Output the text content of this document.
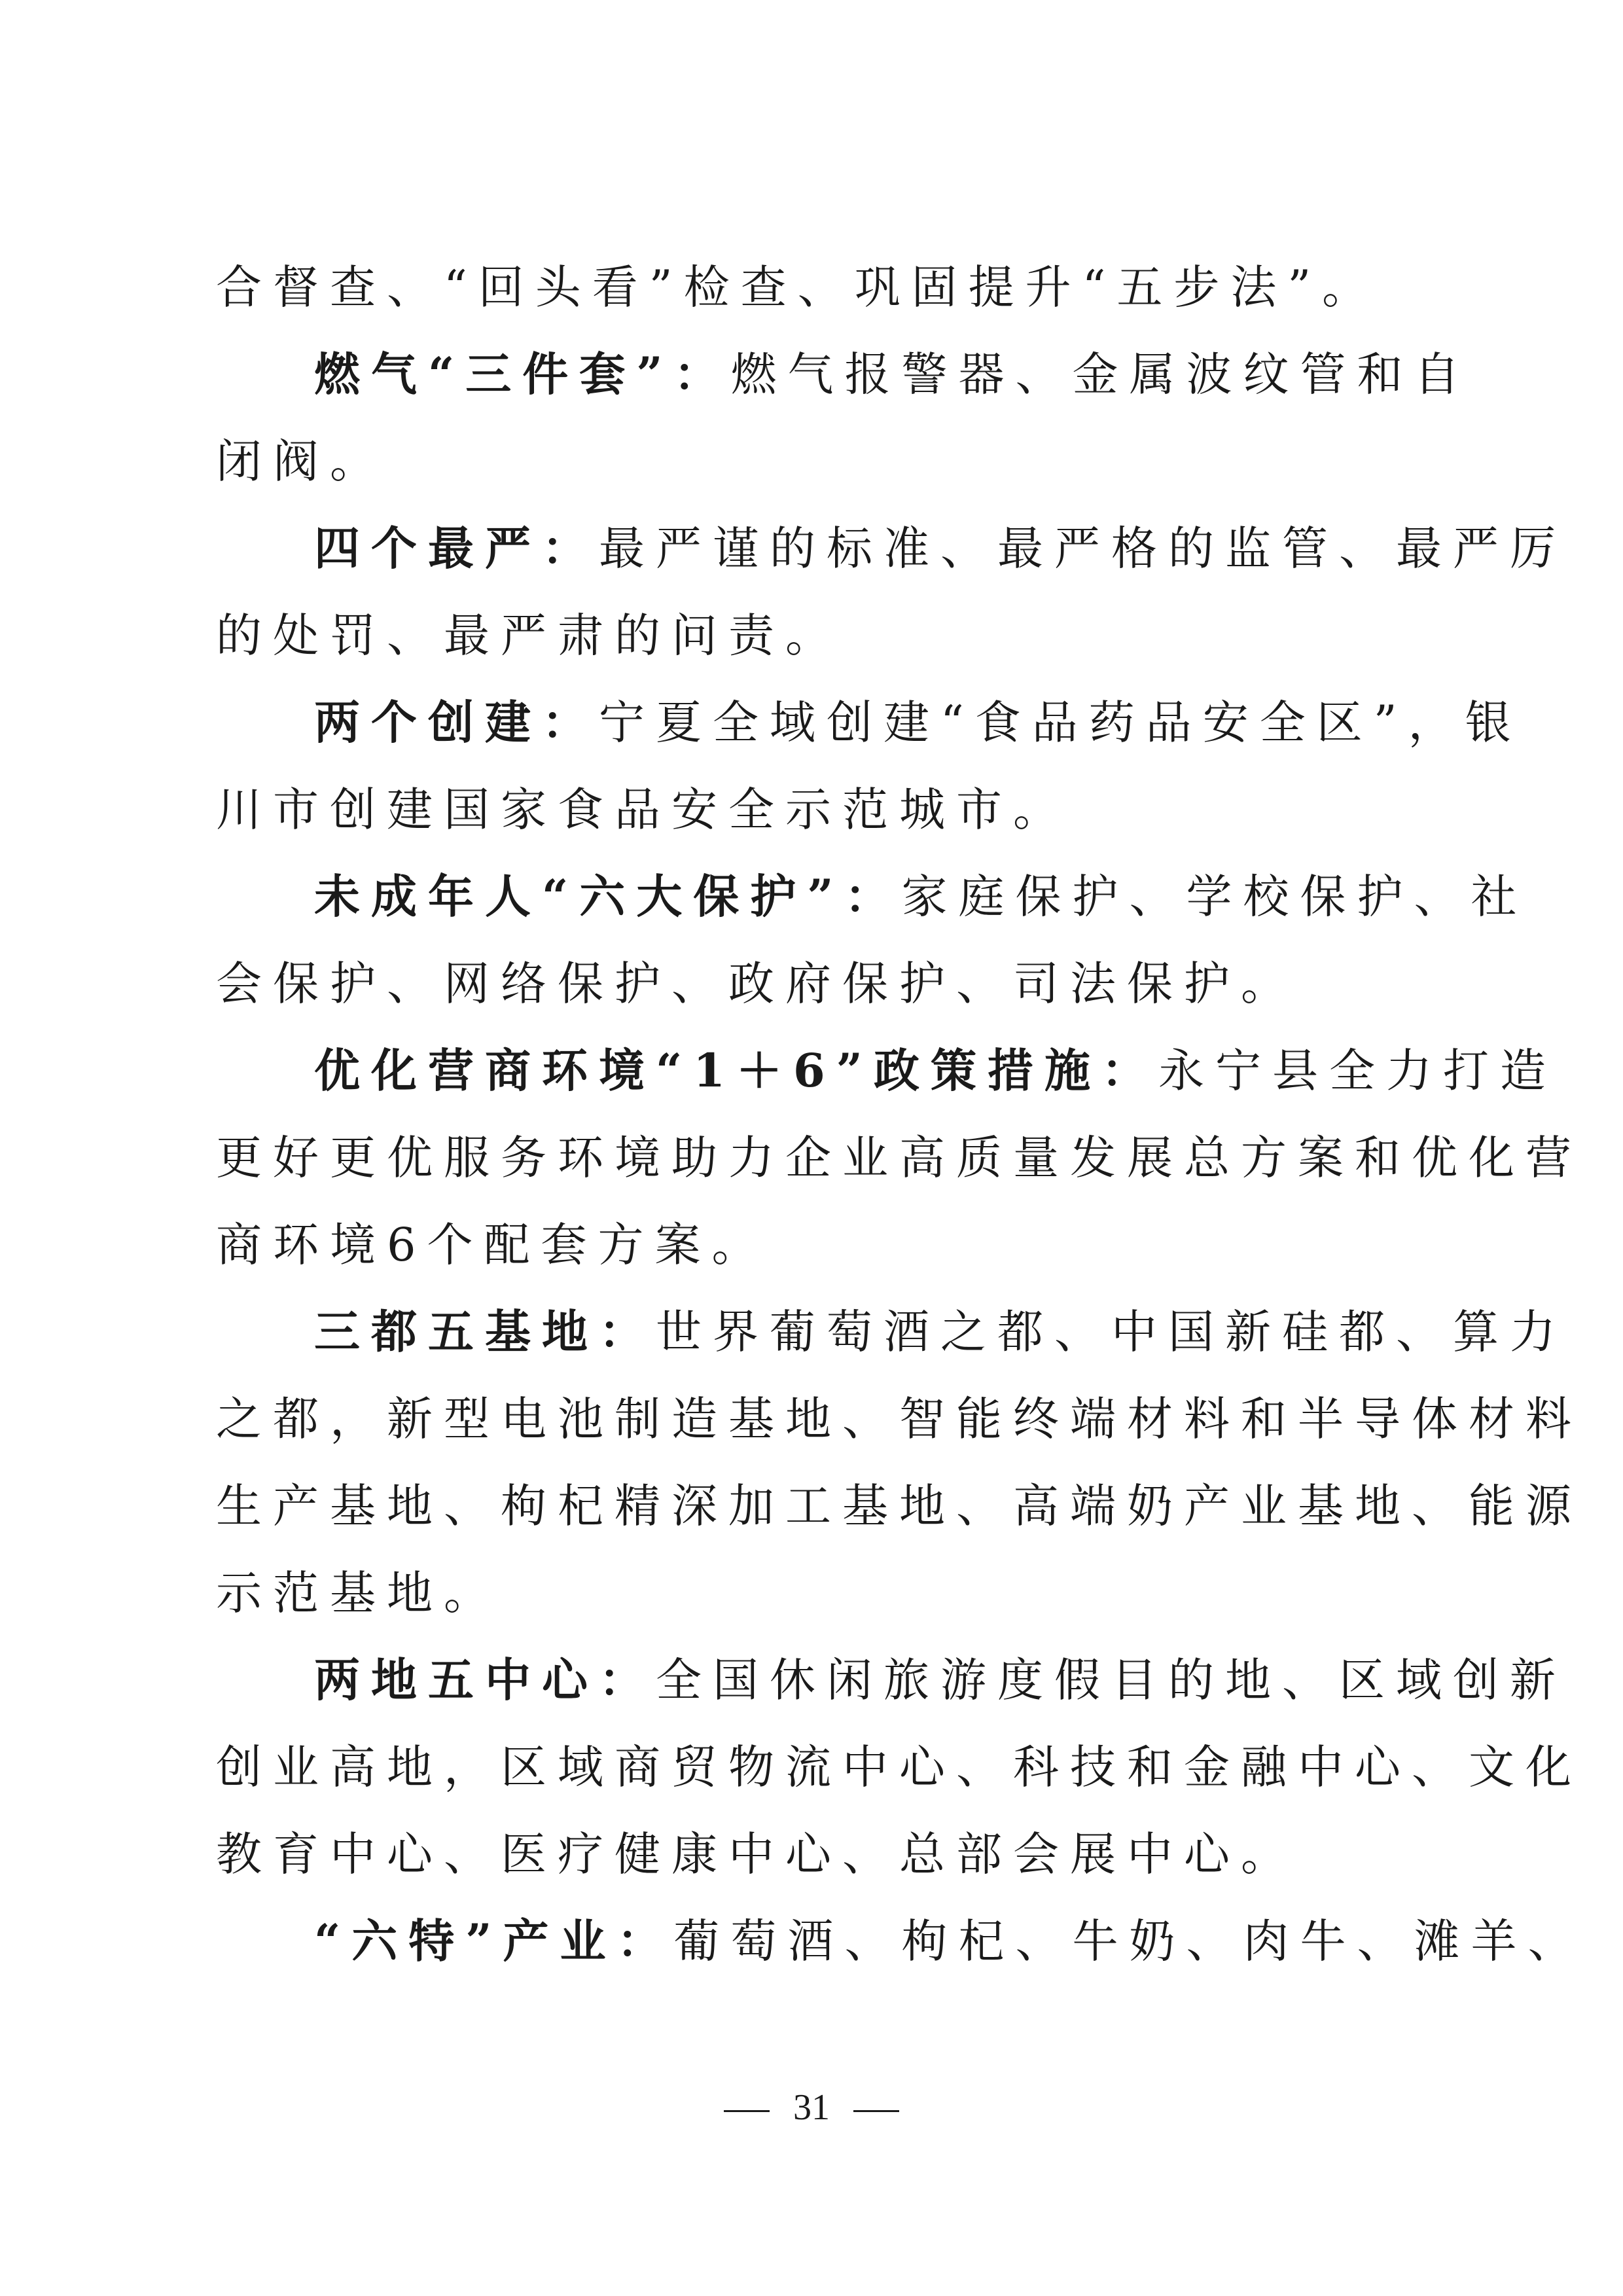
合督查、“回头看”检查、巩固提升“五步法”。
燃气“三件套”：燃气报警器、金属波纹管和自
闭阀。
四个最严：最严谨的标准、最严格的监管、最严厉
的处罚、最严肃的问责。
两个创建：宁夏全域创建“食品药品安全区”，银
川市创建国家食品安全示范城市。
未成年人“六大保护”：家庭保护、学校保护、社
会保护、网络保护、政府保护、司法保护。
优化营商环境“1＋6”政策措施：永宁县全力打造
更好更优服务环境助力企业高质量发展总方案和优化营
商环境6个配套方案。
三都五基地：世界葡萄酒之都、中国新硅都、算力
之都，新型电池制造基地、智能终端材料和半导体材料
生产基地、枸杞精深加工基地、高端奶产业基地、能源
示范基地。
两地五中心：全国休闲旅游度假目的地、区域创新
创业高地，区域商贸物流中心、科技和金融中心、文化
教育中心、医疗健康中心、总部会展中心。
“六特”产业：葡萄酒、枸杞、牛奶、肉牛、滩羊、
31
